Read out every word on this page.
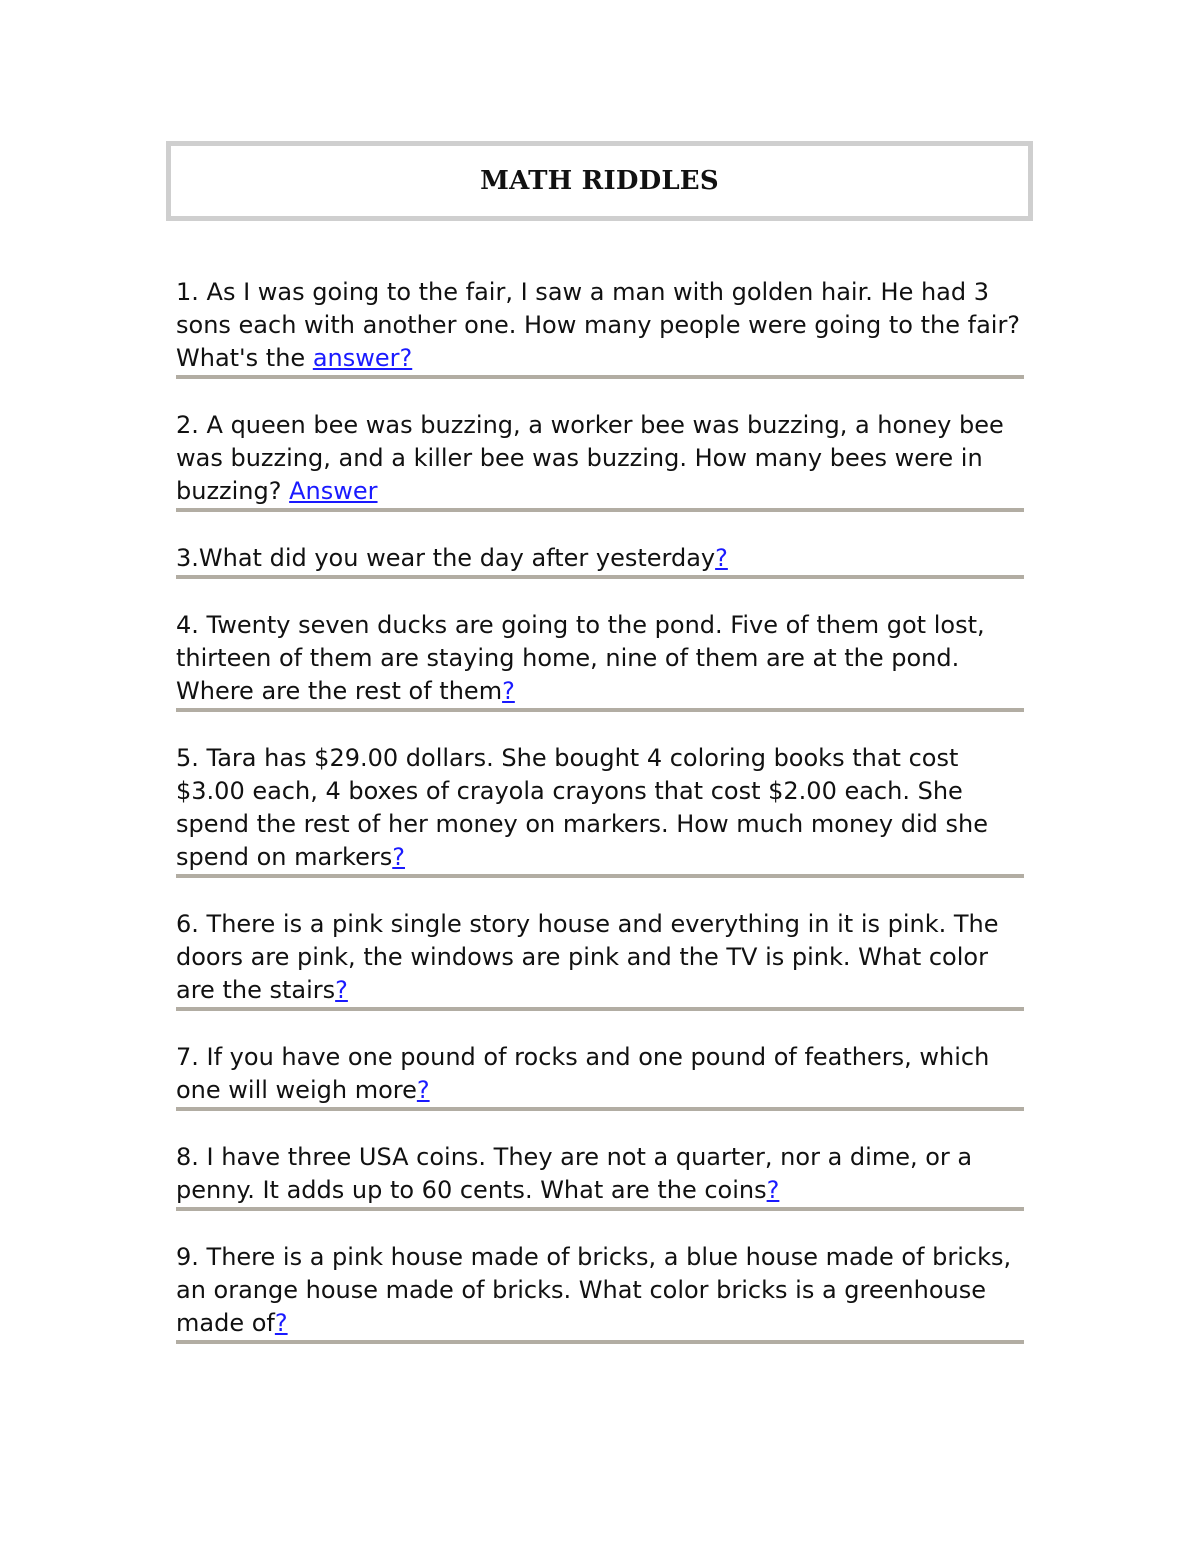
MATH RIDDLES
1. As I was going to the fair, I saw a man with golden hair. He had 3 sons each with another one. How many people were going to the fair? What's the answer?
2. A queen bee was buzzing, a worker bee was buzzing, a honey bee was buzzing, and a killer bee was buzzing. How many bees were in buzzing? Answer
3.What did you wear the day after yesterday?
4. Twenty seven ducks are going to the pond. Five of them got lost, thirteen of them are staying home, nine of them are at the pond. Where are the rest of them?
5. Tara has $29.00 dollars. She bought 4 coloring books that cost $3.00 each, 4 boxes of crayola crayons that cost $2.00 each. She spend the rest of her money on markers. How much money did she spend on markers?
6. There is a pink single story house and everything in it is pink. The doors are pink, the windows are pink and the TV is pink. What color are the stairs?
7. If you have one pound of rocks and one pound of feathers, which one will weigh more?
8. I have three USA coins. They are not a quarter, nor a dime, or a penny. It adds up to 60 cents. What are the coins?
9. There is a pink house made of bricks, a blue house made of bricks, an orange house made of bricks. What color bricks is a greenhouse made of?
